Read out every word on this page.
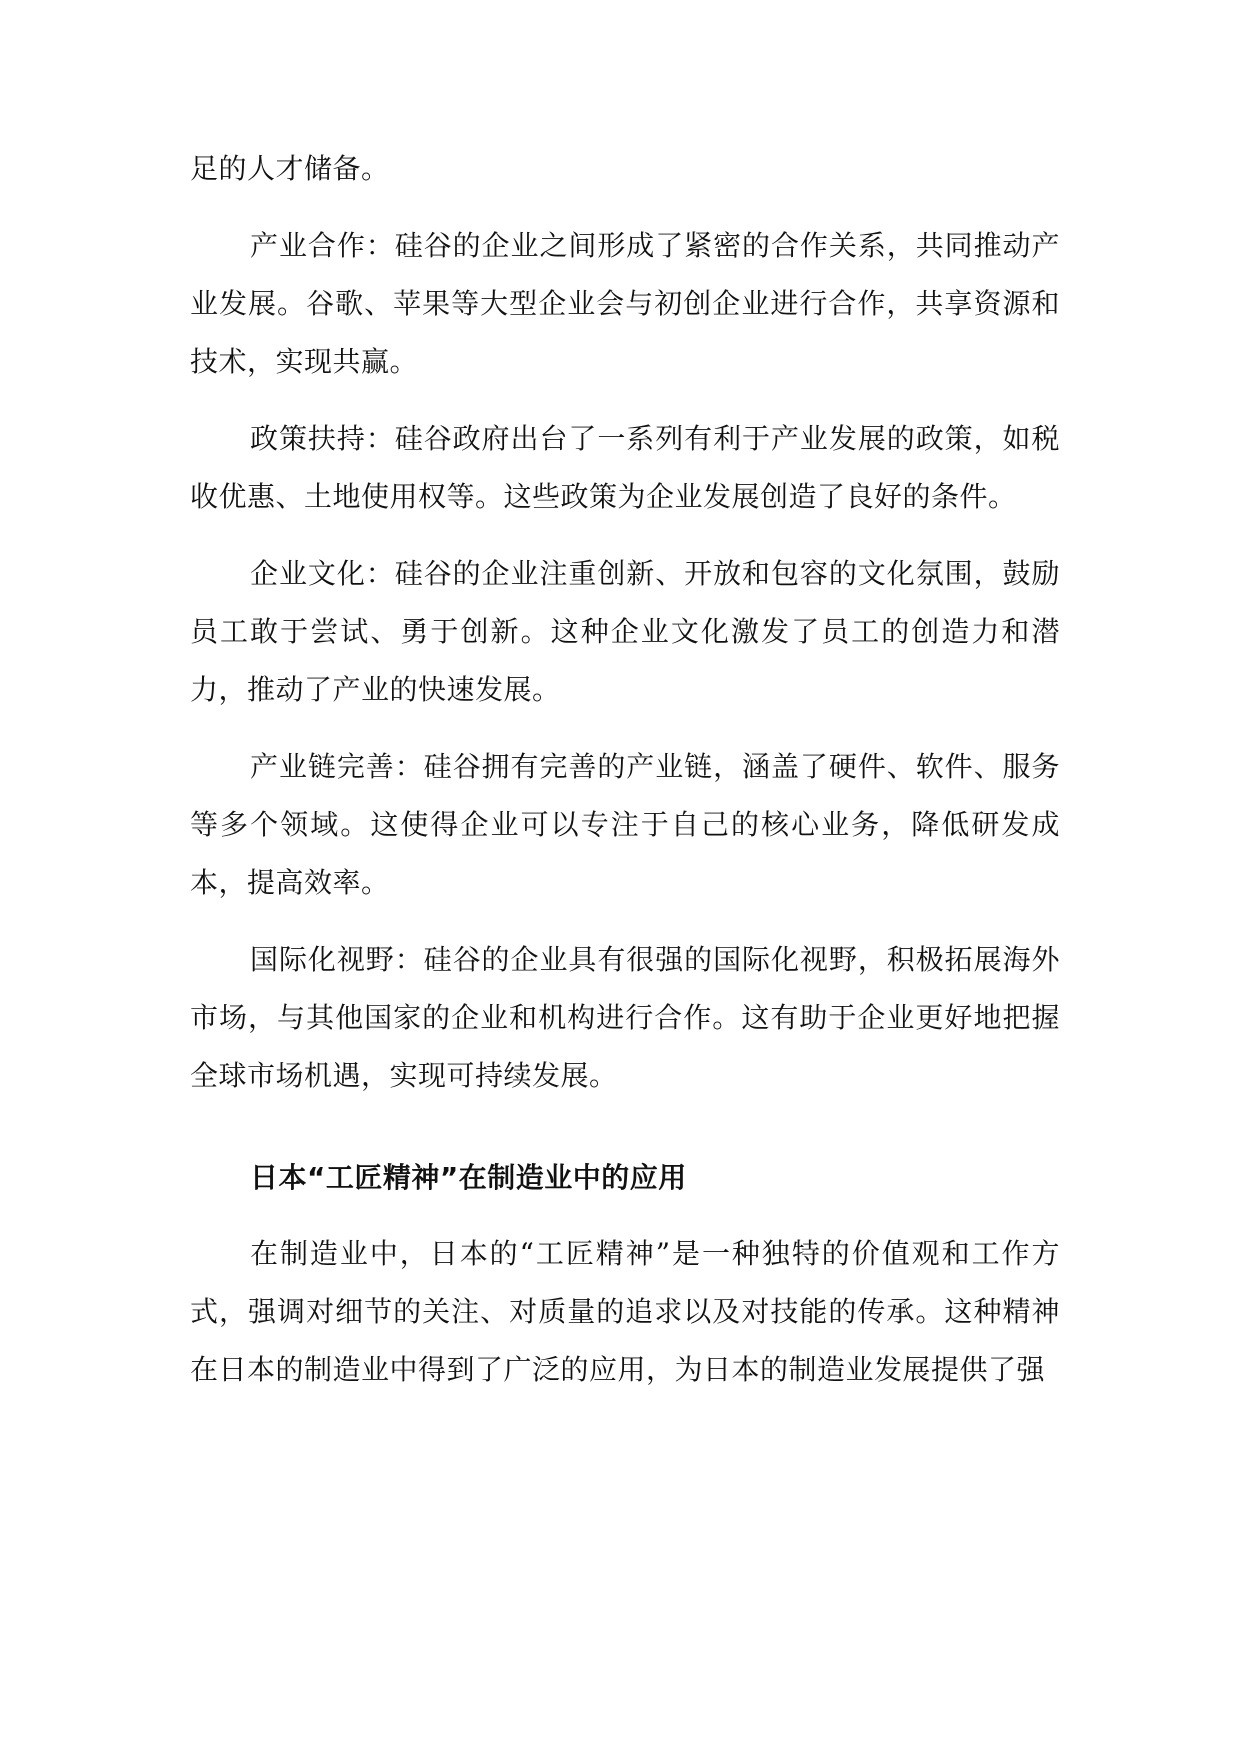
足的人才储备。

产业合作：硅谷的企业之间形成了紧密的合作关系，共同推动产业发展。谷歌、苹果等大型企业会与初创企业进行合作，共享资源和技术，实现共赢。

政策扶持：硅谷政府出台了一系列有利于产业发展的政策，如税收优惠、土地使用权等。这些政策为企业发展创造了良好的条件。

企业文化：硅谷的企业注重创新、开放和包容的文化氛围，鼓励员工敢于尝试、勇于创新。这种企业文化激发了员工的创造力和潜力，推动了产业的快速发展。

产业链完善：硅谷拥有完善的产业链，涵盖了硬件、软件、服务等多个领域。这使得企业可以专注于自己的核心业务，降低研发成本，提高效率。

国际化视野：硅谷的企业具有很强的国际化视野，积极拓展海外市场，与其他国家的企业和机构进行合作。这有助于企业更好地把握全球市场机遇，实现可持续发展。

日本“工匠精神”在制造业中的应用

在制造业中，日本的“工匠精神”是一种独特的价值观和工作方式，强调对细节的关注、对质量的追求以及对技能的传承。这种精神在日本的制造业中得到了广泛的应用，为日本的制造业发展提供了强
